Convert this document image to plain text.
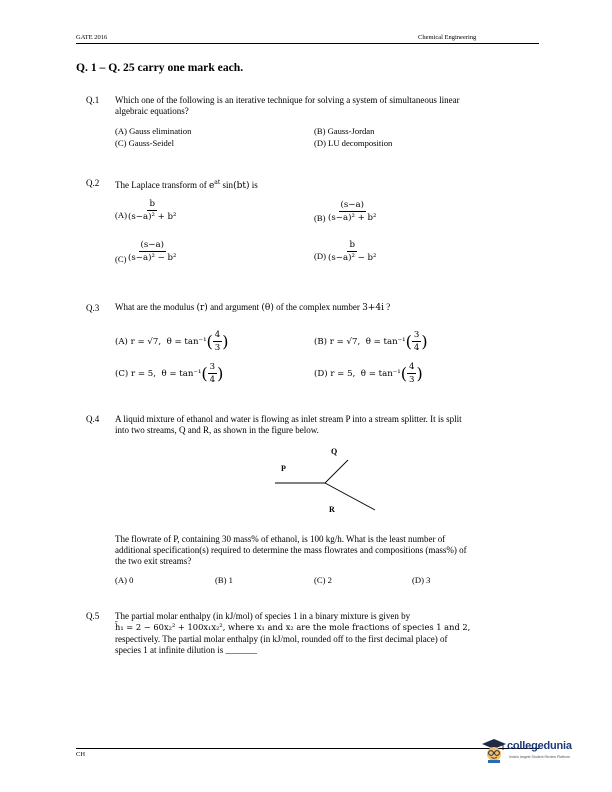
GATE 2016	Chemical Engineering
Q. 1 – Q. 25 carry one mark each.
Q.1 Which one of the following is an iterative technique for solving a system of simultaneous linear
algebraic equations?
(A) Gauss elimination	(B) Gauss-Jordan
(C) Gauss-Seidel	(D) LU decomposition
Q.2 The Laplace transform of $e^{at}$ sin(bt) is
$(A) \frac{b}{\text{(s−a)² + b²}}$	$(B) \frac{(s-a)}{\text{(s−a)² + b²}}$
$(C) \frac{(s-a)}{\text{(s−a)² − b²}}$	$(D) \frac{b}{\text{(s−a)² − b²}}$
Q.3 What are the modulus (r) and argument (θ) of the complex number 3+4i ?
(A) r = √7, $\theta = \tan^{-1}( \frac{4}{3}$ )	(B) r = √7, $\theta = \tan^{-1}( \frac{3}{4}$ )
(C) r = 5, $\theta = \tan^{-1}( \frac{3}{4}$ )	(D) r = 5, $\theta = \tan^{-1}( \frac{4}{3}$ )
Q.4 A liquid mixture of ethanol and water is flowing as inlet stream P into a stream splitter. It is split
into two streams, Q and R, as shown in the figure below.
P
Q
R
The flowrate of P, containing 30 mass% of ethanol, is 100 kg/h. What is the least number of
additional specification(s) required to determine the mass flowrates and compositions (mass%) of
the two exit streams?
(A) 0	(B) 1	(C) 2	(D) 3
Q.5 The partial molar enthalpy (in kJ/mol) of species 1 in a binary mixture is given by
h̄₁ = 2 − 60x₂² + 100x₁x₂², where x₁ and x₂ are the mole fractions of species 1 and 2,
respectively. The partial molar enthalpy (in kJ/mol, rounded off to the first decimal place) of
species 1 at infinite dilution is _______
CH
collegedunia
India's largest Student Review Platform
